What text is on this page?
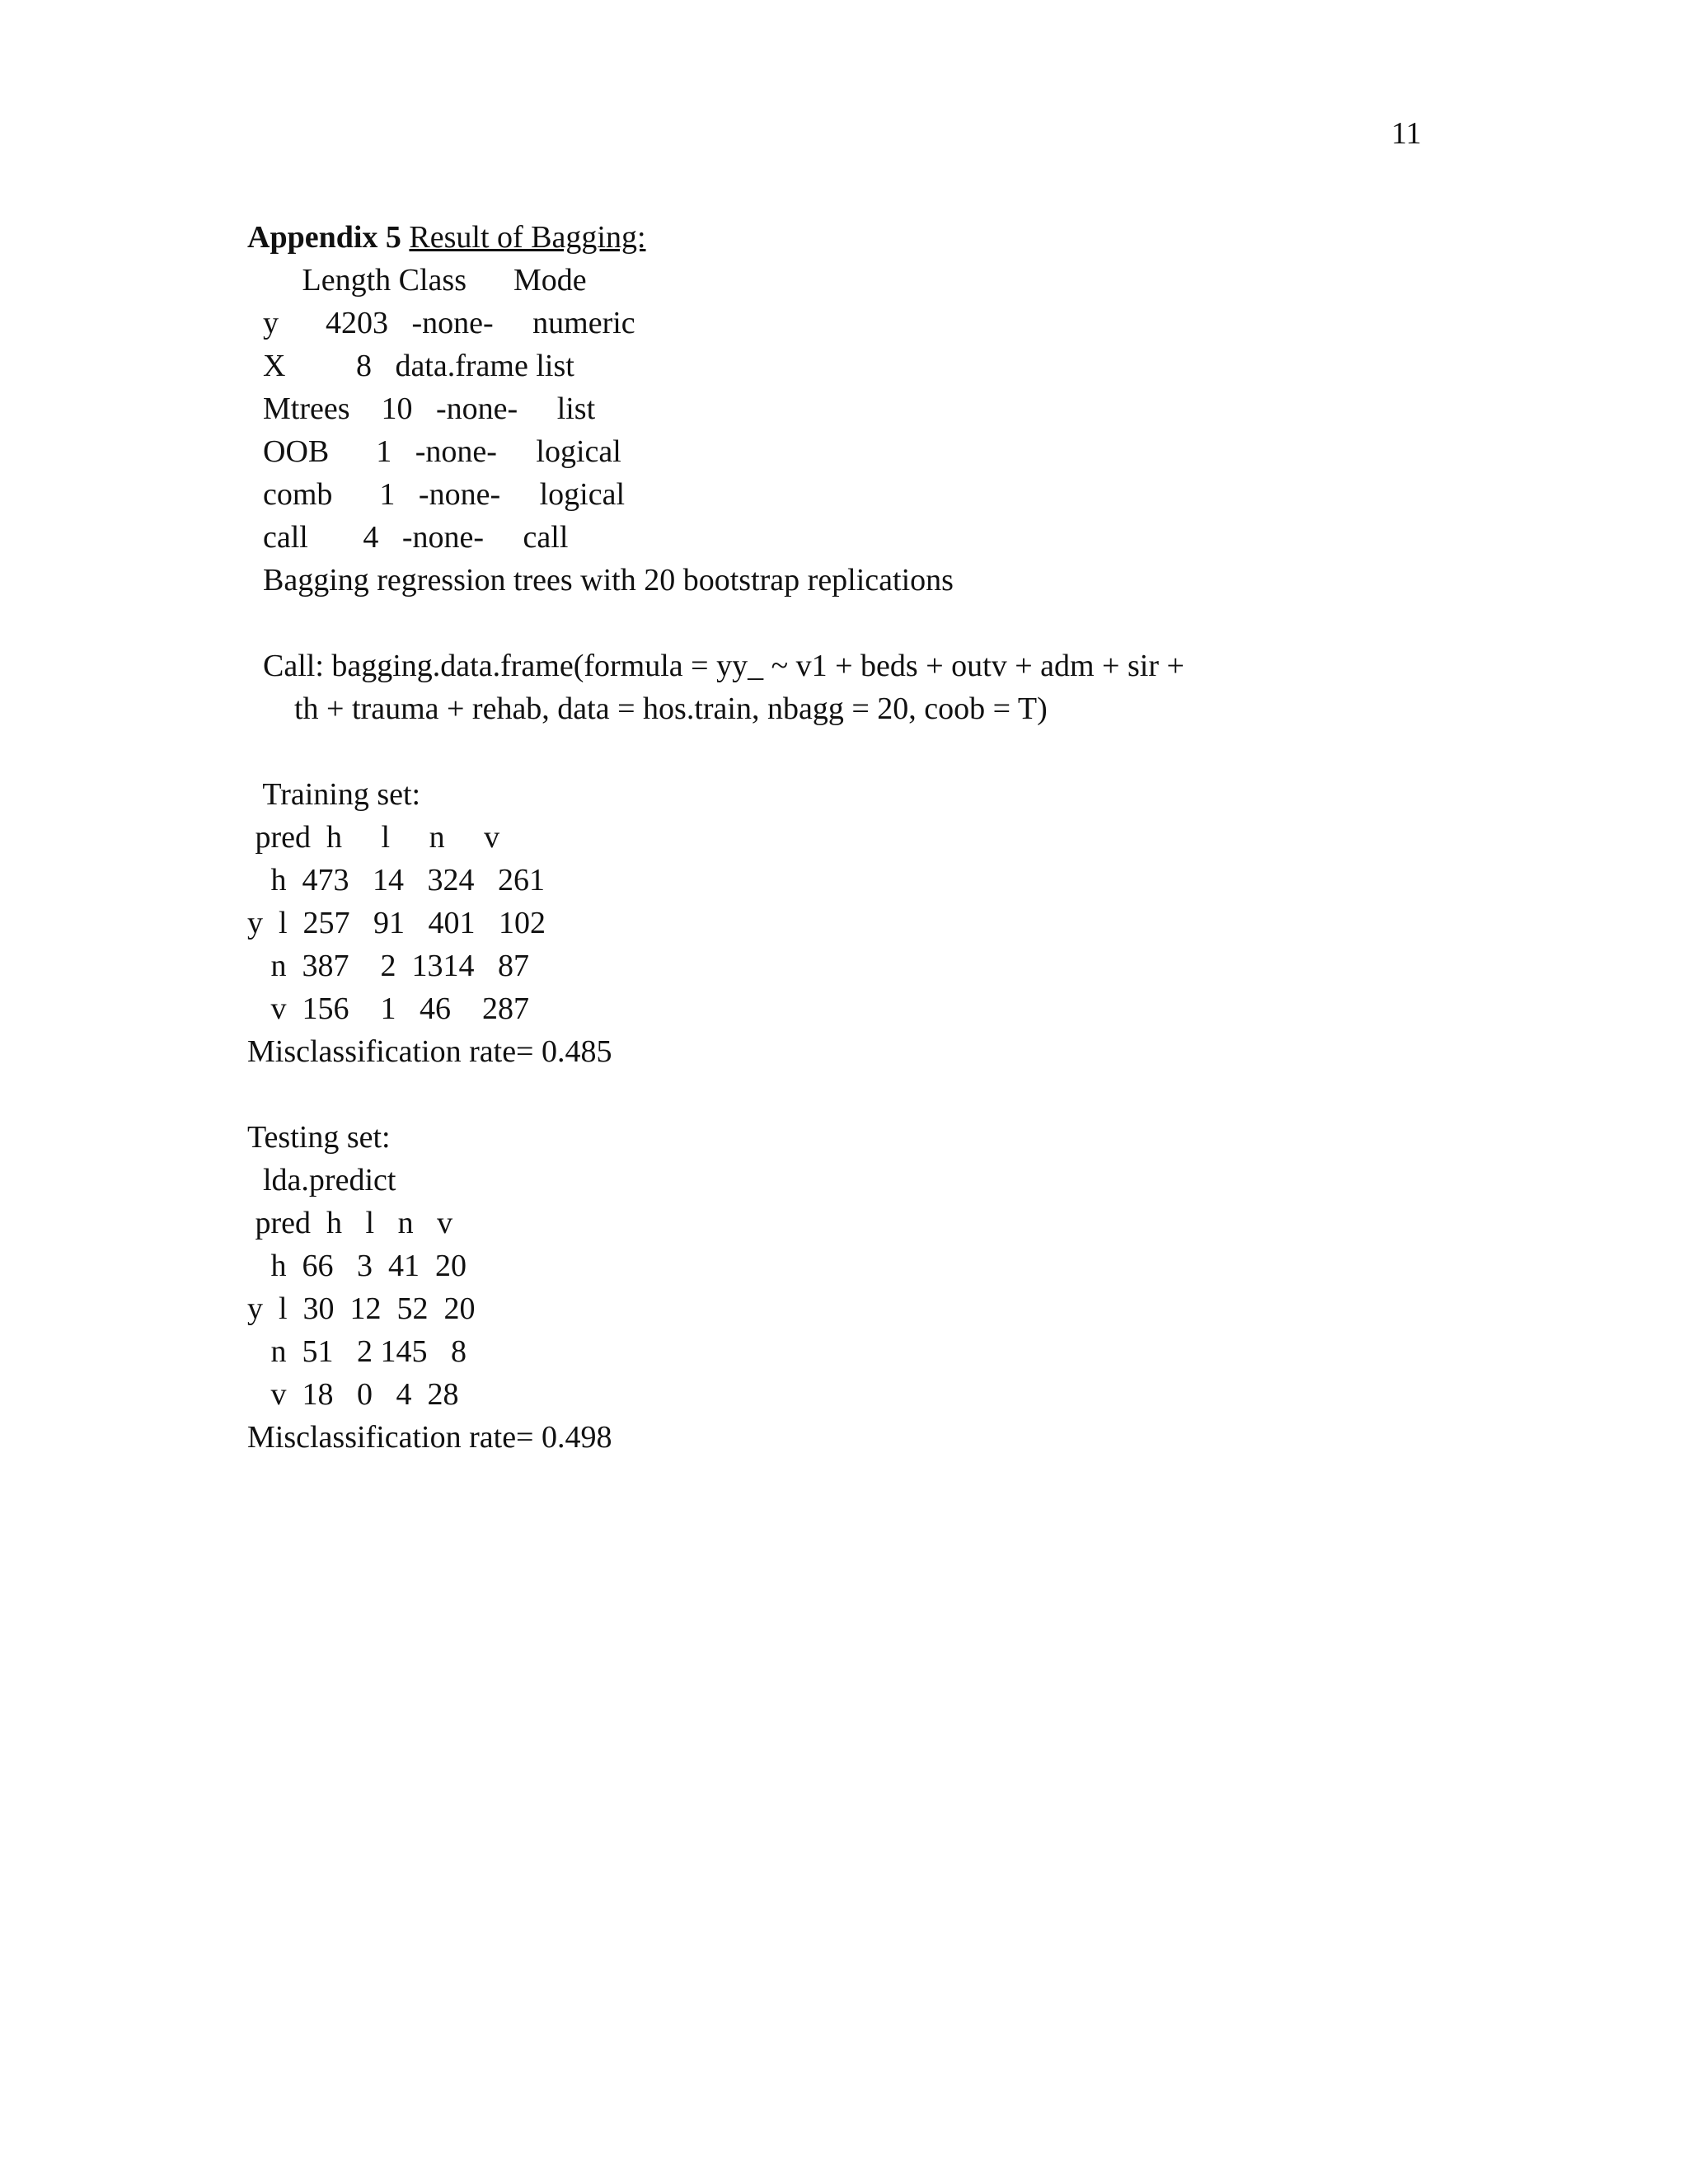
11
Appendix 5 Result of Bagging:
Length Class      Mode
y      4203   -none-     numeric
X         8   data.frame list
Mtrees    10   -none-     list
OOB      1   -none-     logical
comb      1   -none-     logical
call       4   -none-     call
Bagging regression trees with 20 bootstrap replications
Call: bagging.data.frame(formula = yy_ ~ v1 + beds + outv + adm + sir +
th + trauma + rehab, data = hos.train, nbagg = 20, coob = T)
Training set:
pred  h     l     n     v
h  473   14   324   261
y  l  257   91   401   102
n  387    2  1314   87
v  156    1   46    287
Misclassification rate= 0.485
Testing set:
lda.predict
pred  h   l   n   v
h  66   3  41  20
y  l  30  12  52  20
n  51   2 145   8
v  18   0   4  28
Misclassification rate= 0.498
